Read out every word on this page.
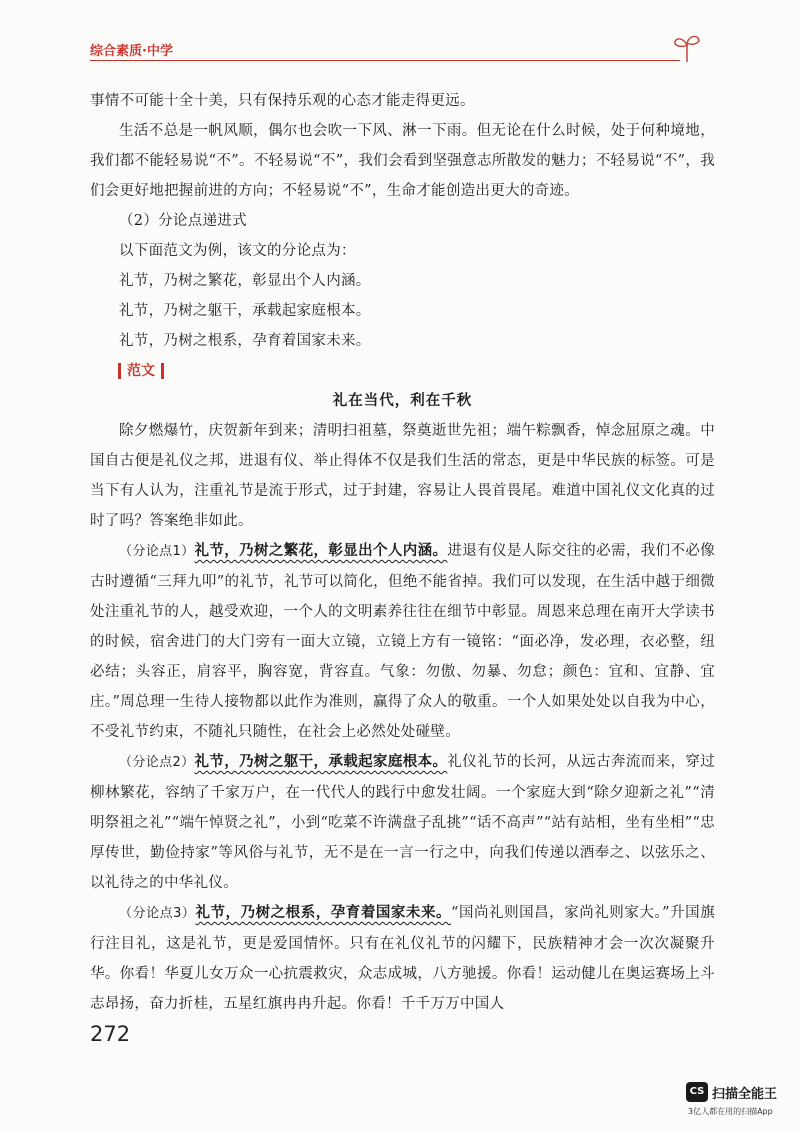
综合素质·中学

事情不可能十全十美，只有保持乐观的心态才能走得更远。

生活不总是一帆风顺，偶尔也会吹一下风、淋一下雨。但无论在什么时候，处于何种境地，我们都不能轻易说“不”。不轻易说“不”，我们会看到坚强意志所散发的魅力；不轻易说“不”，我们会更好地把握前进的方向；不轻易说“不”，生命才能创造出更大的奇迹。

（2）分论点递进式

以下面范文为例，该文的分论点为：

礼节，乃树之繁花，彰显出个人内涵。

礼节，乃树之躯干，承载起家庭根本。

礼节，乃树之根系，孕育着国家未来。

范文

礼在当代，利在千秋

除夕燃爆竹，庆贺新年到来；清明扫祖墓，祭奠逝世先祖；端午粽飘香，悼念屈原之魂。中国自古便是礼仪之邦，进退有仪、举止得体不仅是我们生活的常态，更是中华民族的标签。可是当下有人认为，注重礼节是流于形式，过于封建，容易让人畏首畏尾。难道中国礼仪文化真的过时了吗？答案绝非如此。

（分论点1）礼节，乃树之繁花，彰显出个人内涵。进退有仪是人际交往的必需，我们不必像古时遵循“三拜九叩”的礼节，礼节可以简化，但绝不能省掉。我们可以发现，在生活中越于细微处注重礼节的人，越受欢迎，一个人的文明素养往往在细节中彰显。周恩来总理在南开大学读书的时候，宿舍进门的大门旁有一面大立镜，立镜上方有一镜铭：“面必净，发必理，衣必整，纽必结；头容正，肩容平，胸容宽，背容直。气象：勿傲、勿暴、勿怠；颜色：宜和、宜静、宜庄。”周总理一生待人接物都以此作为准则，赢得了众人的敬重。一个人如果处处以自我为中心，不受礼节约束，不随礼只随性，在社会上必然处处碰壁。

（分论点2）礼节，乃树之躯干，承载起家庭根本。礼仪礼节的长河，从远古奔流而来，穿过柳林繁花，容纳了千家万户，在一代代人的践行中愈发壮阔。一个家庭大到“除夕迎新之礼”“清明祭祖之礼”“端午悼贤之礼”，小到“吃菜不许满盘子乱挑”“话不高声”“站有站相，坐有坐相”“忠厚传世，勤俭持家”等风俗与礼节，无不是在一言一行之中，向我们传递以酒奉之、以弦乐之、以礼待之的中华礼仪。

（分论点3）礼节，乃树之根系，孕育着国家未来。“国尚礼则国昌，家尚礼则家大。”升国旗行注目礼，这是礼节，更是爱国情怀。只有在礼仪礼节的闪耀下，民族精神才会一次次凝聚升华。你看！华夏儿女万众一心抗震救灾，众志成城，八方驰援。你看！运动健儿在奥运赛场上斗志昂扬，奋力折桂，五星红旗冉冉升起。你看！千千万万中国人

272
CS 扫描全能王
3亿人都在用的扫描App
